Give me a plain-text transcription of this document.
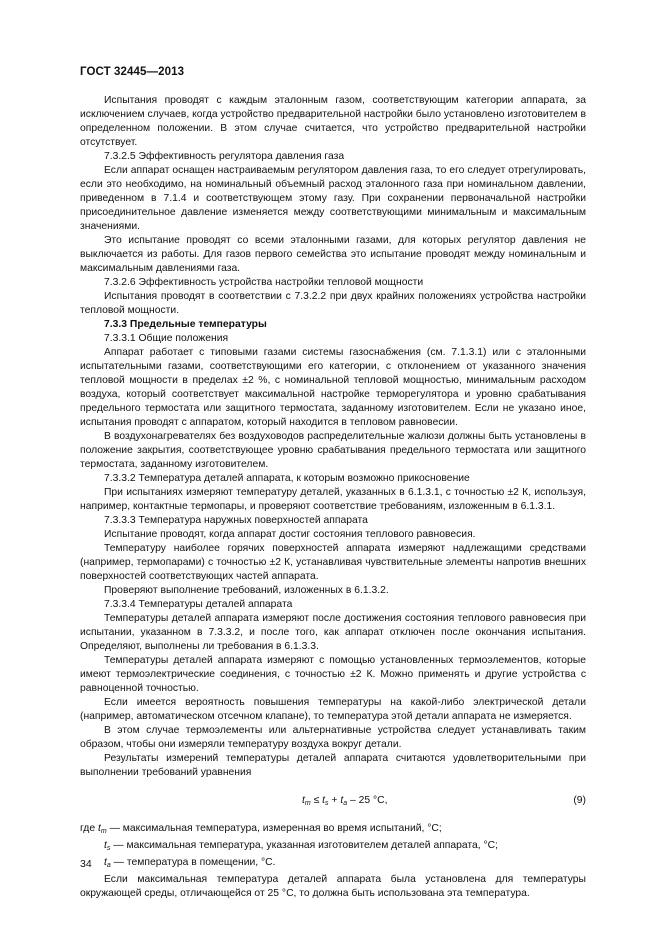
ГОСТ 32445—2013

Испытания проводят с каждым эталонным газом, соответствующим категории аппарата, за исключением случаев, когда устройство предварительной настройки было установлено изготовителем в определенном положении. В этом случае считается, что устройство предварительной настройки отсутствует.

7.3.2.5 Эффективность регулятора давления газа

Если аппарат оснащен настраиваемым регулятором давления газа, то его следует отрегулировать, если это необходимо, на номинальный объемный расход эталонного газа при номинальном давлении, приведенном в 7.1.4 и соответствующем этому газу. При сохранении первоначальной настройки присоединительное давление изменяется между соответствующими минимальным и максимальным значениями.

Это испытание проводят со всеми эталонными газами, для которых регулятор давления не выключается из работы. Для газов первого семейства это испытание проводят между номинальным и максимальным давлениями газа.

7.3.2.6 Эффективность устройства настройки тепловой мощности

Испытания проводят в соответствии с 7.3.2.2 при двух крайних положениях устройства настройки тепловой мощности.

7.3.3 Предельные температуры

7.3.3.1 Общие положения

Аппарат работает с типовыми газами системы газоснабжения (см. 7.1.3.1) или с эталонными испытательными газами, соответствующими его категории, с отклонением от указанного значения тепловой мощности в пределах ±2 %, с номинальной тепловой мощностью, минимальным расходом воздуха, который соответствует максимальной настройке терморегулятора и уровню срабатывания предельного термостата или защитного термостата, заданному изготовителем. Если не указано иное, испытания проводят с аппаратом, который находится в тепловом равновесии.

В воздухонагревателях без воздуховодов распределительные жалюзи должны быть установлены в положение закрытия, соответствующее уровню срабатывания предельного термостата или защитного термостата, заданному изготовителем.

7.3.3.2 Температура деталей аппарата, к которым возможно прикосновение

При испытаниях измеряют температуру деталей, указанных в 6.1.3.1, с точностью ±2 К, используя, например, контактные термопары, и проверяют соответствие требованиям, изложенным в 6.1.3.1.

7.3.3.3 Температура наружных поверхностей аппарата

Испытание проводят, когда аппарат достиг состояния теплового равновесия.

Температуру наиболее горячих поверхностей аппарата измеряют надлежащими средствами (например, термопарами) с точностью ±2 К, устанавливая чувствительные элементы напротив внешних поверхностей соответствующих частей аппарата.

Проверяют выполнение требований, изложенных в 6.1.3.2.

7.3.3.4 Температуры деталей аппарата

Температуры деталей аппарата измеряют после достижения состояния теплового равновесия при испытании, указанном в 7.3.3.2, и после того, как аппарат отключен после окончания испытания. Определяют, выполнены ли требования в 6.1.3.3.

Температуры деталей аппарата измеряют с помощью установленных термоэлементов, которые имеют термоэлектрические соединения, с точностью ±2 К. Можно применять и другие устройства с равноценной точностью.

Если имеется вероятность повышения температуры на какой-либо электрической детали (например, автоматическом отсечном клапане), то температура этой детали аппарата не измеряется.

В этом случае термоэлементы или альтернативные устройства следует устанавливать таким образом, чтобы они измеряли температуру воздуха вокруг детали.

Результаты измерений температуры деталей аппарата считаются удовлетворительными при выполнении требований уравнения

$t_m \le t_s + t_a - 25$ °C,	(9)

где $t_m$ — максимальная температура, измеренная во время испытаний, °C;

$t_s$ — максимальная температура, указанная изготовителем деталей аппарата, °C;

$t_a$ — температура в помещении, °C.

Если максимальная температура деталей аппарата была установлена для температуры окружающей среды, отличающейся от 25 °C, то должна быть использована эта температура.

34
